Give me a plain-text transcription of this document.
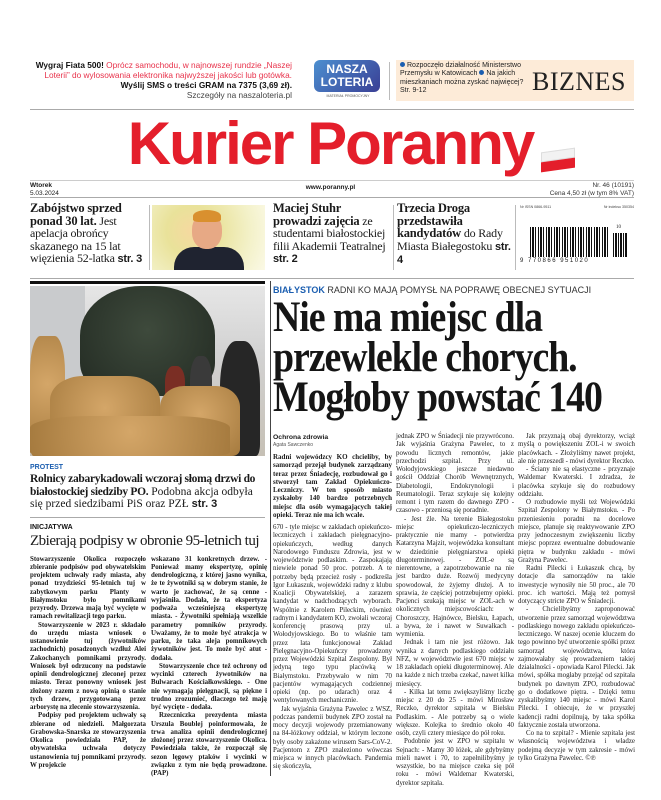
Wygraj Fiata 500! Oprócz samochodu, w najnowszej rundzie „Naszej Loterii” do wylosowania elektronika najwyższej jakości lub gotówka. Wyślij SMS o treści GRAM na 7375 (3,69 zł).
Szczegóły na naszaloteria.pl
NASZA
LOTERIA
MATERIAŁ PROMOCYJNY
Rozpoczęło działalność Ministerstwo Przemysłu w Katowicach Na jakich mieszkaniach można zyskać najwięcej? Str. 9-12	BIZNES
Kurier Poranny
Wtorek
5.03.2024
www.poranny.pl	Nr. 46 (10191)
Cena 4,50 zł (w tym 8% VAT)
Zabójstwo sprzed ponad 30 lat. Jest apelacja obrońcy skazanego na 15 lat więzienia 52-latka str. 3
Maciej Stuhr prowadzi zajęcia ze studentami białostockiej filii Akademii Teatralnej str. 2
Trzecia Droga przedstawiła kandydatów do Rady Miasta Białegostoku str. 4
Nr ISSN 0866-9511	Nr indeksu 350354
10
9 770866 951020
PROTEST
Rolnicy zabarykadowali wczoraj słomą drzwi do białostockiej siedziby PO. Podobna akcja odbyła się przed siedzibami PiS oraz PZŁ str. 3
INICJATYWA
Zbierają podpisy w obronie 95-letnich tuj

Stowarzyszenie Okolica rozpoczęło zbieranie podpisów pod obywatelskim projektem uchwały rady miasta, aby ponad trzydzieści 95-letnich tuj w zabytkowym parku Planty w Białymstoku było pomnikami przyrody. Drzewa mają być wycięte w ramach rewitalizacji tego parku.

Stowarzyszenie w 2023 r. składało do urzędu miasta wniosek o ustanowienie tuj (żywotników zachodnich) posadzonych wzdłuż Alei Zakochanych pomnikami przyrody. Wniosek był odrzucony na podstawie opinii dendrologicznej zleconej przez miasto. Teraz ponowny wniosek jest złożony razem z nową opinią o stanie tych drzew, przygotowaną przez arborystę na zlecenie stowarzyszenia.

Podpisy pod projektem uchwały są zbierane od niedzieli. Małgorzata Grabowska-Snarska ze stowarzyszenia Okolica powiedziała PAP, że obywatelska uchwała dotyczy ustanowienia tuj pomnikami przyrody. W projekcie

wskazano 31 konkretnych drzew. - Ponieważ mamy ekspertyzę, opinię dendrologiczną, z której jasno wynika, że te żywotniki są w dobrym stanie, że warto je zachować, że są cenne - wyjaśniła. Dodała, że ta ekspertyza podważa wcześniejszą ekspertyzę miasta. - Żywotniki spełniają wszelkie parametry pomników przyrody. Uważamy, że to może być atrakcja w parku, że taka aleja pomnikowych żywotników jest. To może być atut - dodała.

Stowarzyszenie chce też ochrony od wycinki czterech żywotników na Bulwarach Kościałkowskiego. - One nie wymagają pielęgnacji, są piękne i trudno zrozumieć, dlaczego też mają być wycięte - dodała.

Rzeczniczka prezydenta miasta Urszula Boublej poinformowała, że trwa analiza opinii dendrologicznej złożonej przez stowarzyszenie Okolica. Powiedziała także, że rozpoczął się sezon lęgowy ptaków i wycinki w związku z tym nie będą prowadzone. (PAP)

BIAŁYSTOK RADNI KO MAJĄ POMYSŁ NA POPRAWĘ OBECNEJ SYTUACJI
Nie ma miejsc dla przewlekle chorych. Mogłoby powstać 140
Ochrona zdrowia
Agata Sawczenko
Radni wojewódzcy KO chcieliby, by samorząd przejął budynek zarządzany teraz przez Śniadecję, rozbudował go i stworzył tam Zakład Opiekuńczo-Leczniczy. W ten sposób miasto zyskałoby 140 bardzo potrzebnych miejsc dla osób wymagających takiej opieki. Teraz nie ma ich wcale.

670 - tyle miejsc w zakładach opiekuńczo-leczniczych i zakładach pielęgnacyjno-opiekuńczych, według danych Narodowego Funduszu Zdrowia, jest w województwie podlaskim. - Zaspokajają niewiele ponad 50 proc. potrzeb. A te potrzeby będą przecież rosły - podkreśla Igor Łukaszuk, wojewódzki radny z klubu Koalicji Obywatelskiej, a zarazem kandydat w nadchodzących wyborach. Wspólnie z Karolem Pileckim, również radnym i kandydatem KO, zwołali wczoraj konferencję prasową przy ul. Wołodyjowskiego. Bo to właśnie tam przez lata funkcjonował Zakład Pielęgnacyjno-Opiekuńczy prowadzony przez Wojewódzki Szpital Zespolony. Był jedyną tego typu placówką w Białymstoku. Przebywało w nim 70 pacjentów wymagających codziennej opieki (np. po udarach) oraz 4 wentylowanych mechanicznie.

Jak wyjaśnia Grażyna Pawelec z WSZ, podczas pandemii budynek ZPO został na mocy decyzji wojewody przemianowany na 84-łóżkowy oddział, w którym leczone były osoby zakażone wirusem Sars-CoV-2. Pacjentom z ZPO znaleziono wówczas miejsca w innych placówkach. Pandemia się skończyła,

jednak ZPO w Śniadecji nie przywrócono. Jak wyjaśnia Grażyna Pawelec, to z powodu licznych remontów, jakie przechodzi szpital. Przy ul. Wołodyjowskiego jeszcze niedawno gościł Oddział Chorób Wewnętrznych, Diabetologii, Endokrynologii i Reumatologii. Teraz szykuje się kolejny remont i tym razem do dawnego ZPO - czasowo - przeniosą się poradnie.

- Jest źle. Na terenie Białegostoku miejsc opiekuńczo-leczniczych praktycznie nie mamy - potwierdza Katarzyna Majzit, wojewódzka konsultant w dziedzinie pielęgniarstwa opieki długoterminowej. - ZOL-e są nierentowne, a zapotrzebowanie na nie jest bardzo duże. Rozwój medycyny spowodował, że żyjemy dłużej. A to sprawia, że częściej potrzebujemy opieki. Pacjenci szukają miejsc w ZOL-ach w okolicznych miejscowościach: w Choroszczy, Hajnówce, Bielsku, Łapach, a bywa, że i nawet w Suwałkach - wymienia.

Jednak i tam nie jest różowo. Jak wynika z danych podlaskiego oddziału NFZ, w województwie jest 670 miejsc w 18 zakładach opieki długoterminowej. Ale na każde z nich trzeba czekać, nawet kilka miesięcy.

- Kilka lat temu zwiększyliśmy liczbę miejsc z 20 do 25 - mówi Mirosław Reczko, dyrektor szpitala w Bielsku Podlaskim. - Ale potrzeby są o wiele większe. Kolejka to średnio około 40 osób, czyli cztery miesiące do pół roku.

Podobnie jest w ZPO w szpitalu w Sejnach: - Mamy 30 łóżek, ale gdybyśmy mieli nawet i 70, to zapełnilibyśmy je wszystkie, bo na miejsce czeka się pół roku - mówi Waldemar Kwaterski, dyrektor szpitala.

Jak przyznają obaj dyrektorzy, wciąż myślą o powiększeniu ZOL-i w swoich placówkach. - Złożyliśmy nawet projekt, ale nie przeszedł - mówi dyrektor Reczko.

- Ściany nie są elastyczne - przyznaje Waldemar Kwaterski. I zdradza, że placówka szykuje się do rozbudowy oddziału.

O rozbudowie myśli też Wojewódzki Szpital Zespolony w Białymstoku. - Po przeniesieniu poradni na docelowe miejsce, planuje się reaktywowanie ZPO przy jednoczesnym zwiększeniu liczby miejsc poprzez ewentualne dobudowanie piętra w budynku zakładu - mówi Grażyna Pawelec.

Radni Pilecki i Łukaszuk chcą, by dotacje dla samorządów na takie inwestycje wynosiły nie 50 proc., ale 70 proc. ich wartości. Mają też pomysł dotyczący stricte ZPO w Śniadecji.

- Chcielibyśmy zaproponować utworzenie przez samorząd województwa podlaskiego nowego zakładu opiekuńczo-leczniczego. W naszej ocenie kluczem do tego powinno być utworzenie spółki przez samorząd województwa, która zajmowałaby się prowadzeniem takiej działalności - opowiada Karol Pilecki. Jak mówi, spółka mogłaby przejąć od szpitala budynek po dawnym ZPO, rozbudować go o dodatkowe piętra. - Dzięki temu zyskalibyśmy 140 miejsc - mówi Karol Pilecki. I obiecuje, że w przyszłej kadencji radni dopilnują, by taka spółka faktycznie została utworzona.

Co na to szpital? - Mienie szpitala jest własnością województwa i władze podejmą decyzje w tym zakresie - mówi tylko Grażyna Pawelec. ©℗
